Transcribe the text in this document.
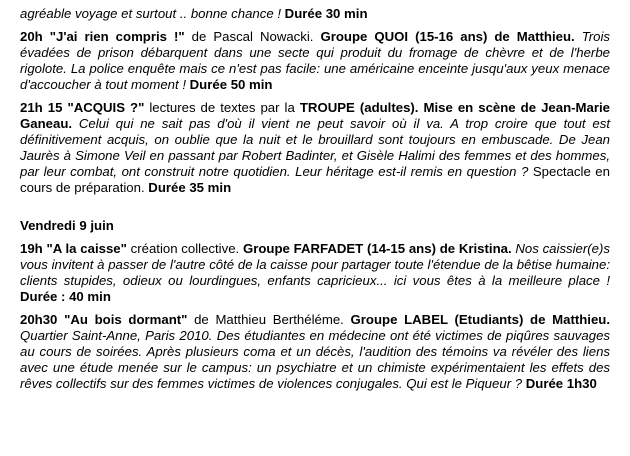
agréable voyage et surtout .. bonne chance ! Durée 30 min

20h "J'ai rien compris !" de Pascal Nowacki. Groupe QUOI (15-16 ans) de Matthieu. Trois évadées de prison débarquent dans une secte qui produit du fromage de chèvre et de l'herbe rigolote. La police enquête mais ce n'est pas facile: une américaine enceinte jusqu'aux yeux menace d'accoucher à tout moment ! Durée 50 min

21h 15 "ACQUIS ?" lectures de textes par la TROUPE (adultes). Mise en scène de Jean-Marie Ganeau. Celui qui ne sait pas d'où il vient ne peut savoir où il va. A trop croire que tout est définitivement acquis, on oublie que la nuit et le brouillard sont toujours en embuscade. De Jean Jaurès à Simone Veil en passant par Robert Badinter, et Gisèle Halimi des femmes et des hommes, par leur combat, ont construit notre quotidien. Leur héritage est-il remis en question ? Spectacle en cours de préparation. Durée 35 min

Vendredi 9 juin

19h "A la caisse" création collective. Groupe FARFADET (14-15 ans) de Kristina. Nos caissier(e)s vous invitent à passer de l'autre côté de la caisse pour partager toute l'étendue de la bêtise humaine: clients stupides, odieux ou lourdingues, enfants capricieux... ici vous êtes à la meilleure place ! Durée : 40 min

20h30 "Au bois dormant" de Matthieu Berthéléme. Groupe LABEL (Etudiants) de Matthieu. Quartier Saint-Anne, Paris 2010. Des étudiantes en médecine ont été victimes de piqûres sauvages au cours de soirées. Après plusieurs coma et un décès, l'audition des témoins va révéler des liens avec une étude menée sur le campus: un psychiatre et un chimiste expérimentaient les effets des rêves collectifs sur des femmes victimes de violences conjugales. Qui est le Piqueur ? Durée 1h30
